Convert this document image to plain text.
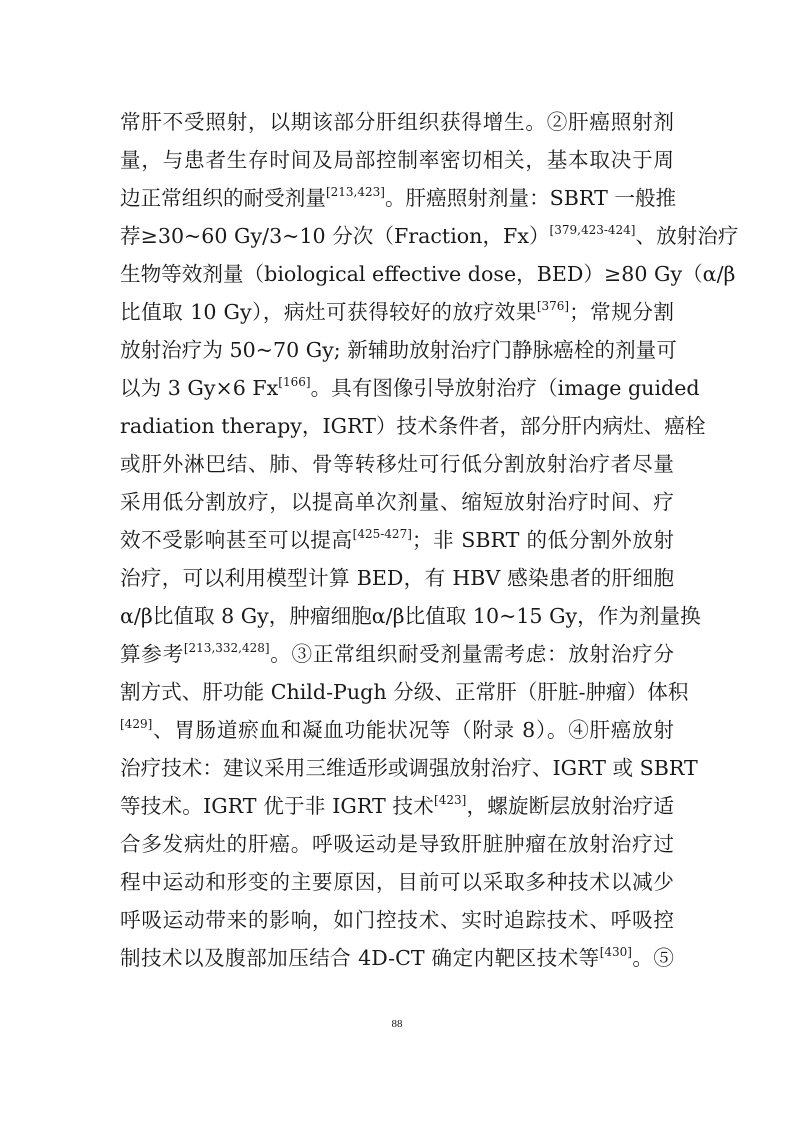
常肝不受照射，以期该部分肝组织获得增生。②肝癌照射剂
量，与患者生存时间及局部控制率密切相关，基本取决于周
边正常组织的耐受剂量[213,423]。肝癌照射剂量：SBRT 一般推
荐≥30~60 Gy/3~10 分次（Fraction，Fx）[379,423-424]、放射治疗
生物等效剂量（biological effective dose，BED）≥80 Gy（α/β
比值取 10 Gy），病灶可获得较好的放疗效果[376]；常规分割
放射治疗为 50~70 Gy; 新辅助放射治疗门静脉癌栓的剂量可
以为 3 Gy×6 Fx[166]。具有图像引导放射治疗（image guided
radiation therapy，IGRT）技术条件者，部分肝内病灶、癌栓
或肝外淋巴结、肺、骨等转移灶可行低分割放射治疗者尽量
采用低分割放疗，以提高单次剂量、缩短放射治疗时间、疗
效不受影响甚至可以提高[425-427]；非 SBRT 的低分割外放射
治疗，可以利用模型计算 BED，有 HBV 感染患者的肝细胞
α/β比值取 8 Gy，肿瘤细胞α/β比值取 10~15 Gy，作为剂量换
算参考[213,332,428]。③正常组织耐受剂量需考虑：放射治疗分
割方式、肝功能 Child-Pugh 分级、正常肝（肝脏-肿瘤）体积
[429]、胃肠道瘀血和凝血功能状况等（附录 8）。④肝癌放射
治疗技术：建议采用三维适形或调强放射治疗、IGRT 或 SBRT
等技术。IGRT 优于非 IGRT 技术[423]，螺旋断层放射治疗适
合多发病灶的肝癌。呼吸运动是导致肝脏肿瘤在放射治疗过
程中运动和形变的主要原因，目前可以采取多种技术以减少
呼吸运动带来的影响，如门控技术、实时追踪技术、呼吸控
制技术以及腹部加压结合 4D-CT 确定内靶区技术等[430]。⑤
88
